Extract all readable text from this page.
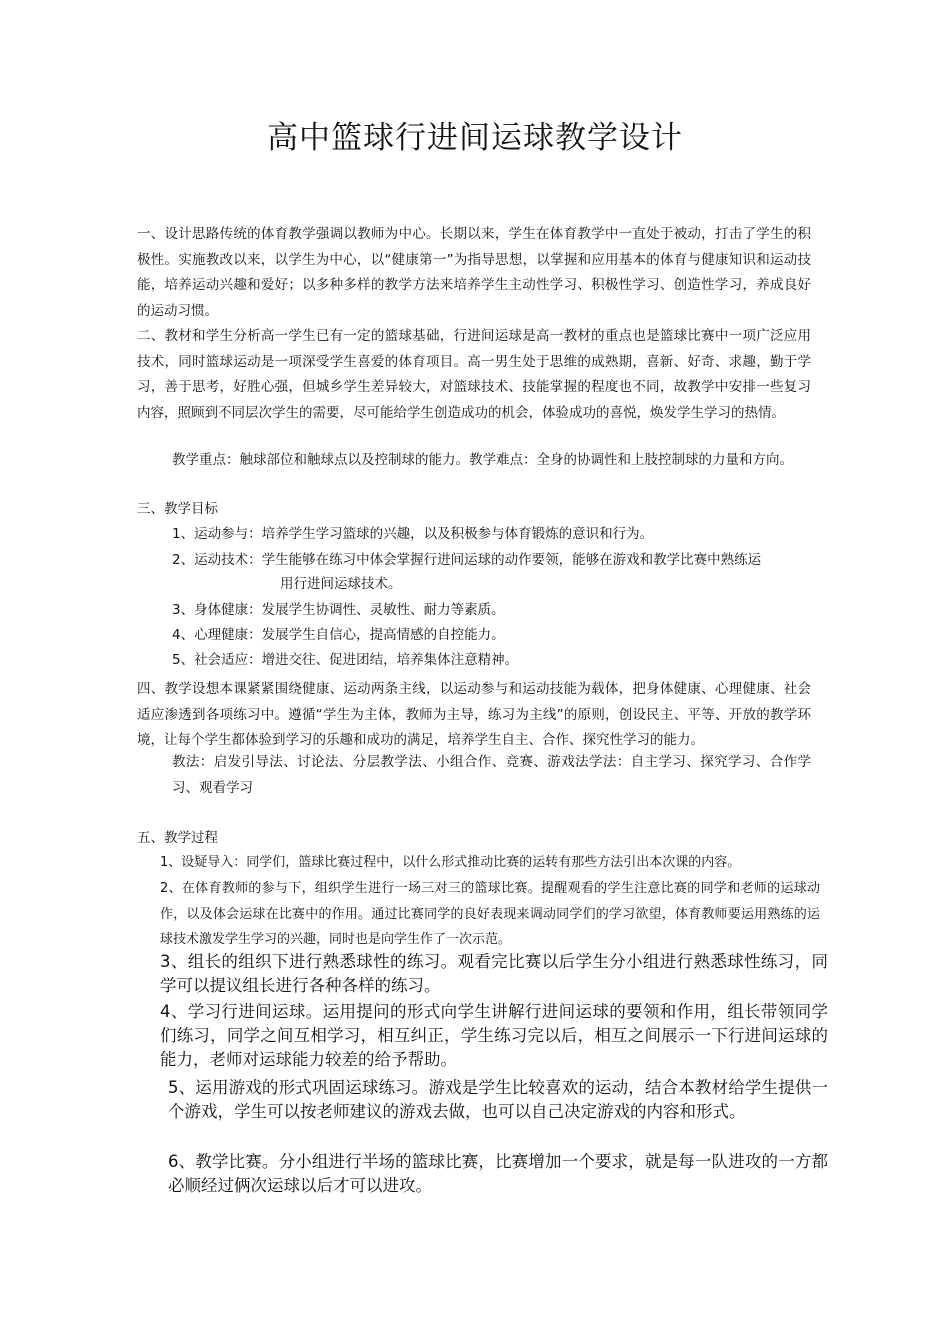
高中篮球行进间运球教学设计

一、设计思路传统的体育教学强调以教师为中心。长期以来，学生在体育教学中一直处于被动，打击了学生的积极性。实施教改以来，以学生为中心，以“健康第一”为指导思想，以掌握和应用基本的体育与健康知识和运动技能，培养运动兴趣和爱好；以多种多样的教学方法来培养学生主动性学习、积极性学习、创造性学习，养成良好的运动习惯。

二、教材和学生分析高一学生已有一定的篮球基础，行进间运球是高一教材的重点也是篮球比赛中一项广泛应用技术，同时篮球运动是一项深受学生喜爱的体育项目。高一男生处于思维的成熟期，喜新、好奇、求趣，勤于学习，善于思考，好胜心强，但城乡学生差异较大，对篮球技术、技能掌握的程度也不同，故教学中安排一些复习内容，照顾到不同层次学生的需要，尽可能给学生创造成功的机会，体验成功的喜悦，焕发学生学习的热情。

教学重点：触球部位和触球点以及控制球的能力。教学难点：全身的协调性和上肢控制球的力量和方向。

三、教学目标

1、运动参与：培养学生学习篮球的兴趣，以及积极参与体育锻炼的意识和行为。

2、运动技术：学生能够在练习中体会掌握行进间运球的动作要领，能够在游戏和教学比赛中熟练运

用行进间运球技术。

3、身体健康：发展学生协调性、灵敏性、耐力等素质。

4、心理健康：发展学生自信心，提高情感的自控能力。

5、社会适应：增进交往、促进团结，培养集体注意精神。

四、教学设想本课紧紧围绕健康、运动两条主线，以运动参与和运动技能为载体，把身体健康、心理健康、社会适应渗透到各项练习中。遵循“学生为主体，教师为主导，练习为主线”的原则，创设民主、平等、开放的教学环境，让每个学生都体验到学习的乐趣和成功的满足，培养学生自主、合作、探究性学习的能力。

教法：启发引导法、讨论法、分层教学法、小组合作、竞赛、游戏法学法：自主学习、探究学习、合作学习、观看学习

五、教学过程

1、设疑导入：同学们，篮球比赛过程中，以什么形式推动比赛的运转有那些方法引出本次课的内容。

2、在体育教师的参与下，组织学生进行一场三对三的篮球比赛。提醒观看的学生注意比赛的同学和老师的运球动作，以及体会运球在比赛中的作用。通过比赛同学的良好表现来调动同学们的学习欲望，体育教师要运用熟练的运球技术激发学生学习的兴趣，同时也是向学生作了一次示范。

3、组长的组织下进行熟悉球性的练习。观看完比赛以后学生分小组进行熟悉球性练习，同学可以提议组长进行各种各样的练习。

4、学习行进间运球。运用提问的形式向学生讲解行进间运球的要领和作用，组长带领同学们练习，同学之间互相学习，相互纠正，学生练习完以后，相互之间展示一下行进间运球的能力，老师对运球能力较差的给予帮助。

5、运用游戏的形式巩固运球练习。游戏是学生比较喜欢的运动，结合本教材给学生提供一个游戏，学生可以按老师建议的游戏去做，也可以自己决定游戏的内容和形式。

6、教学比赛。分小组进行半场的篮球比赛，比赛增加一个要求，就是每一队进攻的一方都必顺经过俩次运球以后才可以进攻。
